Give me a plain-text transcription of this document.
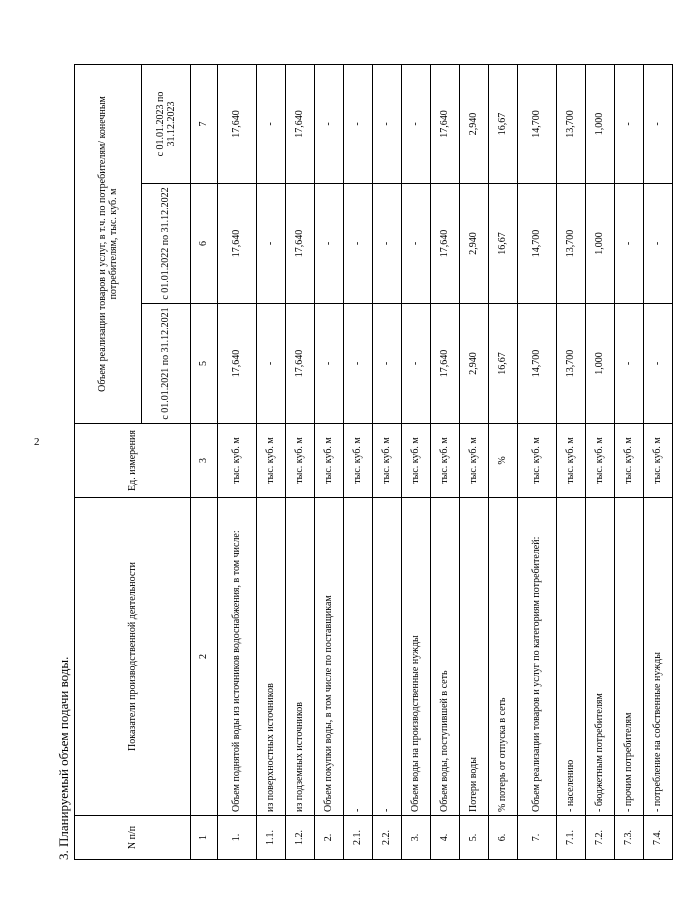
2
3. Планируемый объем подачи воды.	N п/п	Показатели производственной деятельности	Ед. измерения	Объем реализации товаров и услуг, в т.ч. по потребителям/ конечным потребителям, тыс. куб. м		
			с 01.01.2021 по 31.12.2021	с 01.01.2022 по 31.12.2022	с 01.01.2023 по 31.12.2023
1	2	3	5	6	7
1.	Объем поднятой воды из источников водоснабжения, в том числе:	тыс. куб. м	17,640	17,640	17,640
1.1.	из поверхностных источников	тыс. куб. м	-	-	-
1.2.	из подземных источников	тыс. куб. м	17,640	17,640	17,640
2.	Объем покупки воды, в том числе по поставщикам	тыс. куб. м	-	-	-
2.1.	-	тыс. куб. м	-	-	-
2.2.	-	тыс. куб. м	-	-	-
3.	Объем воды на производственные нужды	тыс. куб. м	-	-	-
4.	Объем воды, поступившей в сеть	тыс. куб. м	17,640	17,640	17,640
5.	Потери воды	тыс. куб. м	2,940	2,940	2,940
6.	% потерь от отпуска в сеть	%	16,67	16,67	16,67
7.	Объем реализации товаров и услуг по категориям потребителей:	тыс. куб. м	14,700	14,700	14,700
7.1.	- населению	тыс. куб. м	13,700	13,700	13,700
7.2.	- бюджетным потребителям	тыс. куб. м	1,000	1,000	1,000
7.3.	- прочим потребителям	тыс. куб. м	-	-	-
7.4.	- потребление на собственные нужды	тыс. куб. м	-	-	-
